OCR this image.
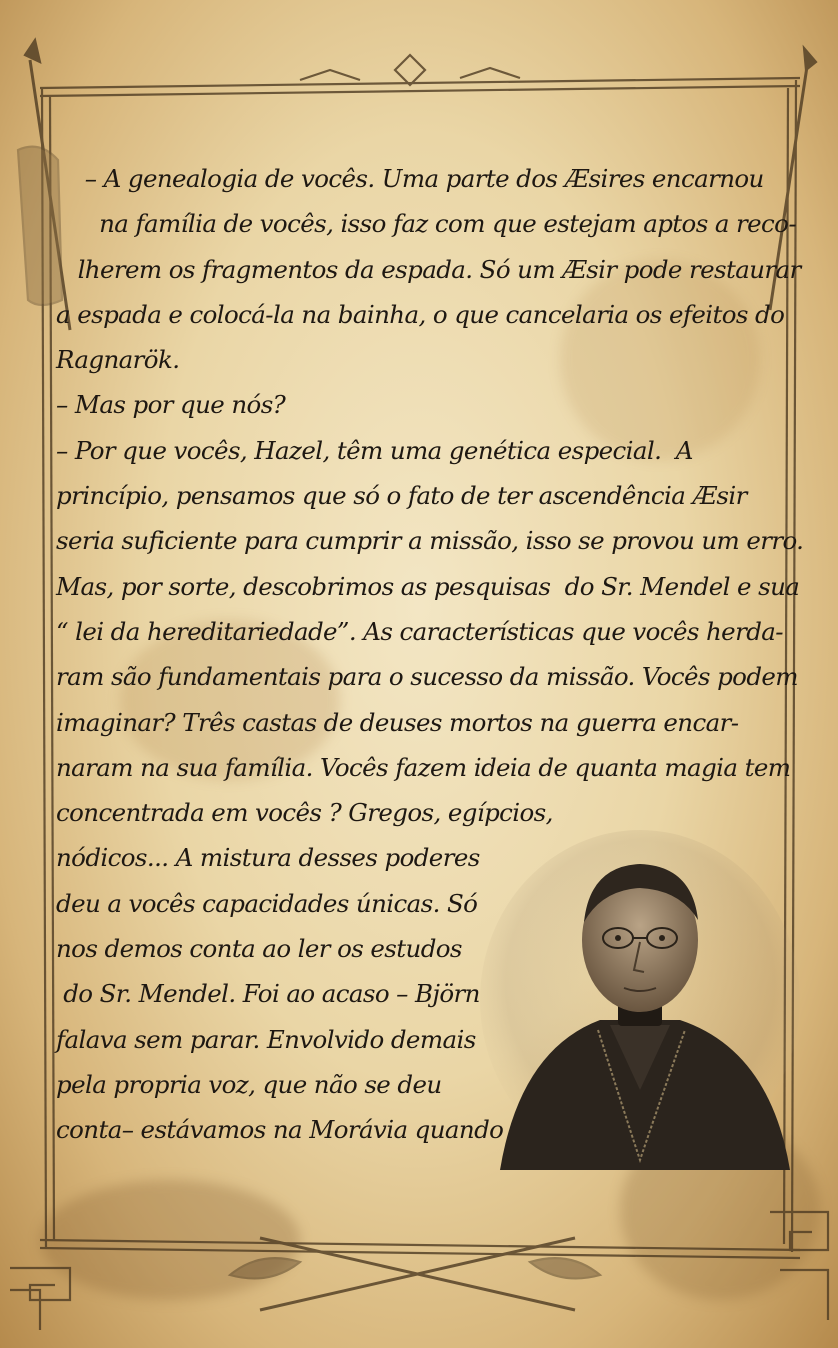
– A genealogia de vocês. Uma parte dos Æsires encarnou
na família de vocês, isso faz com que estejam aptos a reco-
lherem os fragmentos da espada. Só um Æsir pode restaurar
a espada e colocá-la na bainha, o que cancelaria os efeitos do
Ragnarök.
– Mas por que nós?
– Por que vocês, Hazel, têm uma genética especial.  A
princípio, pensamos que só o fato de ter ascendência Æsir
seria suficiente para cumprir a missão, isso se provou um erro.
Mas, por sorte, descobrimos as pesquisas  do Sr. Mendel e sua
“ lei da hereditariedade”. As características que vocês herda-
ram são fundamentais para o sucesso da missão. Vocês podem
imaginar? Três castas de deuses mortos na guerra encar-
naram na sua família. Vocês fazem ideia de quanta magia tem
concentrada em vocês ? Gregos, egípcios,
nódicos... A mistura desses poderes
deu a vocês capacidades únicas. Só
nos demos conta ao ler os estudos
do Sr. Mendel. Foi ao acaso – Björn
falava sem parar. Envolvido demais
pela propria voz, que não se deu
conta– estávamos na Morávia quando
